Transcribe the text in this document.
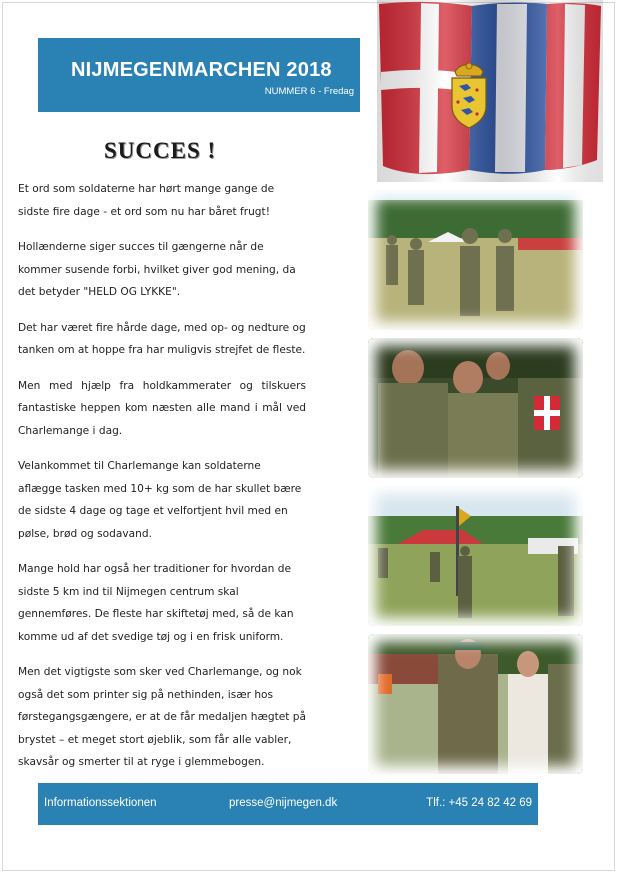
NIJMEGENMARCHEN 2018
NUMMER 6 - Fredag
SUCCES !

Et ord som soldaterne har hørt mange gange de sidste fire dage - et ord som nu har båret frugt!

Hollænderne siger succes til gængerne når de kommer susende forbi, hvilket giver god mening, da det betyder "HELD OG LYKKE".

Det har været fire hårde dage, med op- og nedture og tanken om at hoppe fra har muligvis strejfet de fleste.

Men med hjælp fra holdkammerater og tilskuers fantastiske heppen kom næsten alle mand i mål ved Charlemange i dag.

Velankommet til Charlemange kan soldaterne aflægge tasken med 10+ kg som de har skullet bære de sidste 4 dage og tage et velfortjent hvil med en pølse, brød og sodavand.

Mange hold har også her traditioner for hvordan de sidste 5 km ind til Nijmegen centrum skal gennemføres. De fleste har skiftetøj med, så de kan komme ud af det svedige tøj og i en frisk uniform.

Men det vigtigste som sker ved Charlemange, og nok også det som printer sig på nethinden, især hos førstegangsgængere, er at de får medaljen hægtet på brystet – et meget stort øjeblik, som får alle vabler, skavsår og smerter til at ryge i glemmebogen.

Informationssektionen	presse@nijmegen.dk	Tlf.: +45 24 82 42 69
